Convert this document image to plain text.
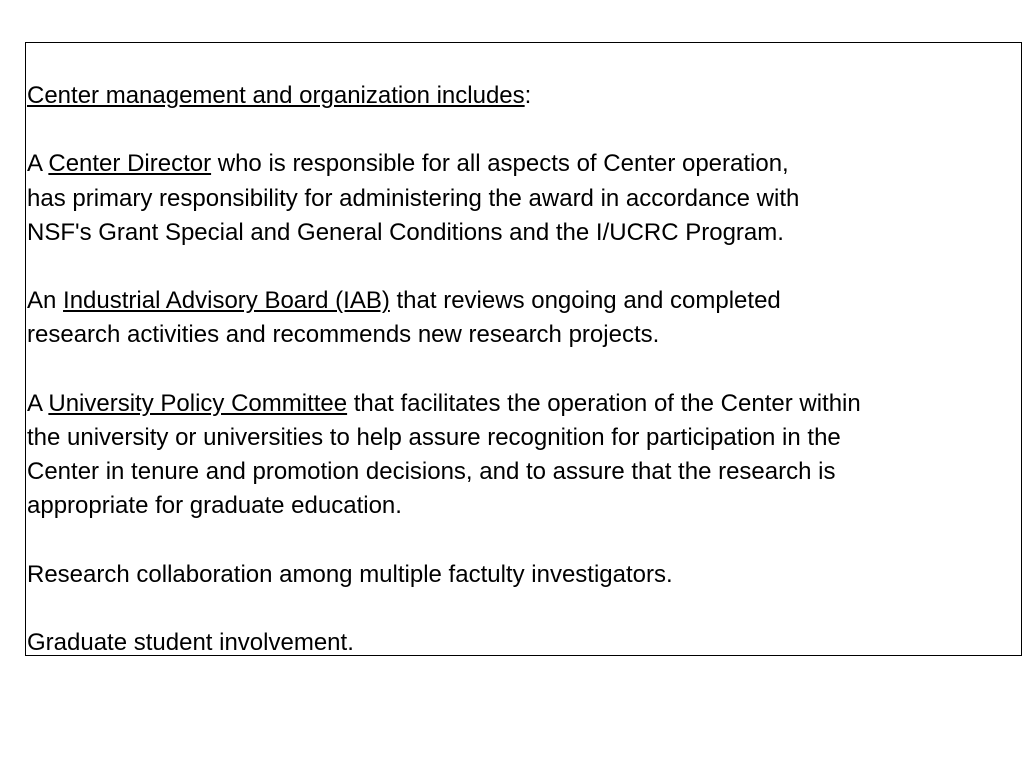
Center management and organization includes:

A Center Director who is responsible for all aspects of Center operation,

has primary responsibility for administering the award in accordance with

NSF's Grant Special and General Conditions and the I/UCRC Program.

An Industrial Advisory Board (IAB) that reviews ongoing and completed

research activities and recommends new research projects.

A University Policy Committee that facilitates the operation of the Center within

the university or universities to help assure recognition for participation in the

Center in tenure and promotion decisions, and to assure that the research is

appropriate for graduate education.

Research collaboration among multiple factulty investigators.

Graduate student involvement.
